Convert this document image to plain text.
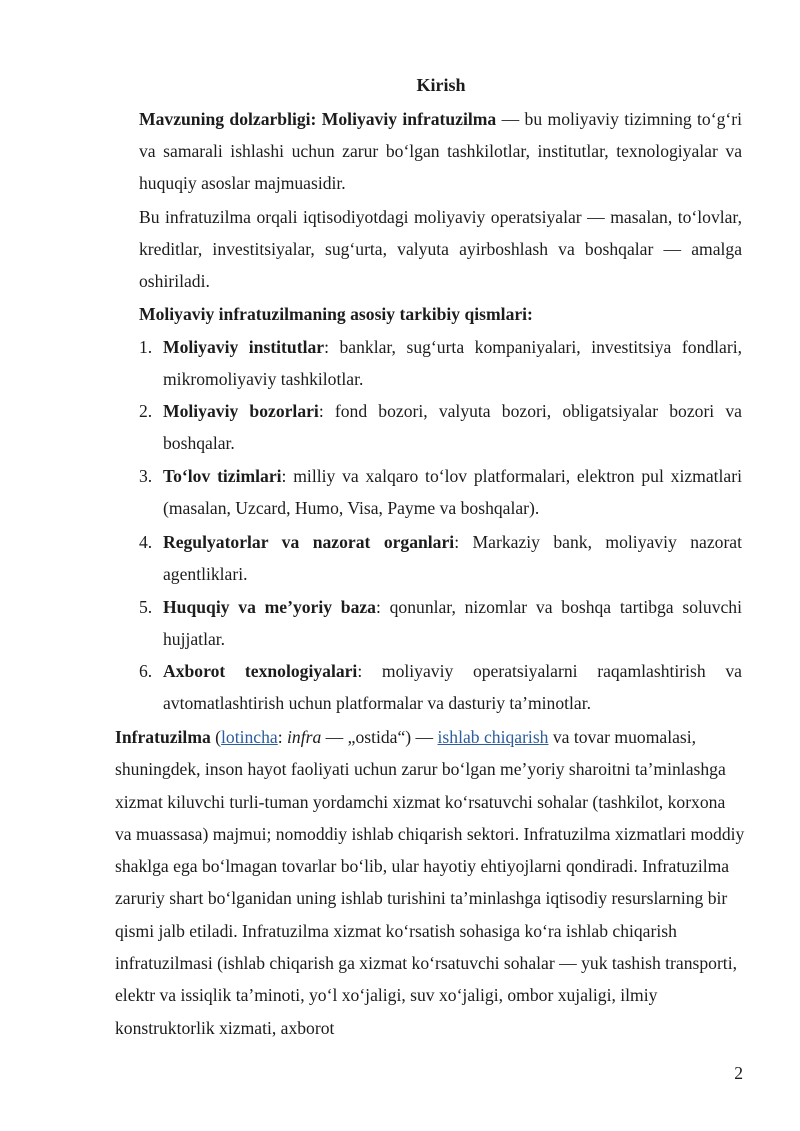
Kirish

Mavzuning dolzarbligi: Moliyaviy infratuzilma — bu moliyaviy tizimning to‘g‘ri va samarali ishlashi uchun zarur bo‘lgan tashkilotlar, institutlar, texnologiyalar va huquqiy asoslar majmuasidir.

Bu infratuzilma orqali iqtisodiyotdagi moliyaviy operatsiyalar — masalan, to‘lovlar, kreditlar, investitsiyalar, sug‘urta, valyuta ayirboshlash va boshqalar — amalga oshiriladi.

Moliyaviy infratuzilmaning asosiy tarkibiy qismlari:

1. Moliyaviy institutlar: banklar, sug‘urta kompaniyalari, investitsiya fondlari, mikromoliyaviy tashkilotlar.

2. Moliyaviy bozorlari: fond bozori, valyuta bozori, obligatsiyalar bozori va boshqalar.

3. To‘lov tizimlari: milliy va xalqaro to‘lov platformalari, elektron pul xizmatlari (masalan, Uzcard, Humo, Visa, Payme va boshqalar).

4. Regulyatorlar va nazorat organlari: Markaziy bank, moliyaviy nazorat agentliklari.

5. Huquqiy va me’yoriy baza: qonunlar, nizomlar va boshqa tartibga soluvchi hujjatlar.

6. Axborot texnologiyalari: moliyaviy operatsiyalarni raqamlashtirish va avtomatlashtirish uchun platformalar va dasturiy ta’minotlar.

Infratuzilma (lotincha: infra — „ostida“) — ishlab chiqarish va tovar muomalasi, shuningdek, inson hayot faoliyati uchun zarur bo‘lgan me’yoriy sharoitni ta’minlashga xizmat kiluvchi turli-tuman yordamchi xizmat ko‘rsatuvchi sohalar (tashkilot, korxona va muassasa) majmui; nomoddiy ishlab chiqarish sektori. Infratuzilma xizmatlari moddiy shaklga ega bo‘lmagan tovarlar bo‘lib, ular hayotiy ehtiyojlarni qondiradi. Infratuzilma zaruriy shart bo‘lganidan uning ishlab turishini ta’minlashga iqtisodiy resurslarning bir qismi jalb etiladi. Infratuzilma xizmat ko‘rsatish sohasiga ko‘ra ishlab chiqarish infratuzilmasi (ishlab chiqarish ga xizmat ko‘rsatuvchi sohalar — yuk tashish transporti, elektr va issiqlik ta’minoti, yo‘l xo‘jaligi, suv xo‘jaligi, ombor xujaligi, ilmiy konstruktorlik xizmati, axborot

2
